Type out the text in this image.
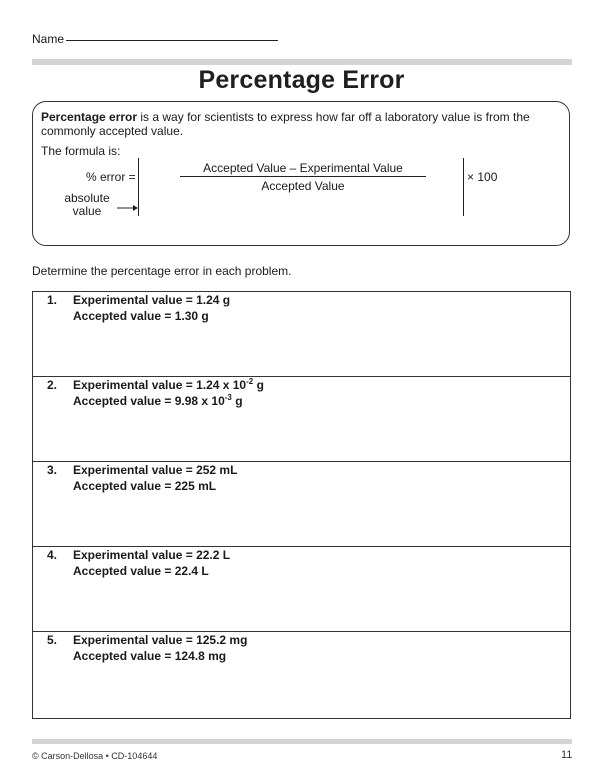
Name
Percentage Error
Percentage error is a way for scientists to express how far off a laboratory value is from the commonly accepted value.
The formula is:
% error =
absolute
value
Accepted Value – Experimental Value
Accepted Value
× 100
Determine the percentage error in each problem.
1. Experimental value = 1.24 g
Accepted value = 1.30 g
2. Experimental value = 1.24 x $10^{-2}$ g
Accepted value = 9.98 x $10^{-3}$ g
3. Experimental value = 252 mL
Accepted value = 225 mL
4. Experimental value = 22.2 L
Accepted value = 22.4 L
5. Experimental value = 125.2 mg
Accepted value = 124.8 mg
© Carson-Dellosa • CD-104644	11
